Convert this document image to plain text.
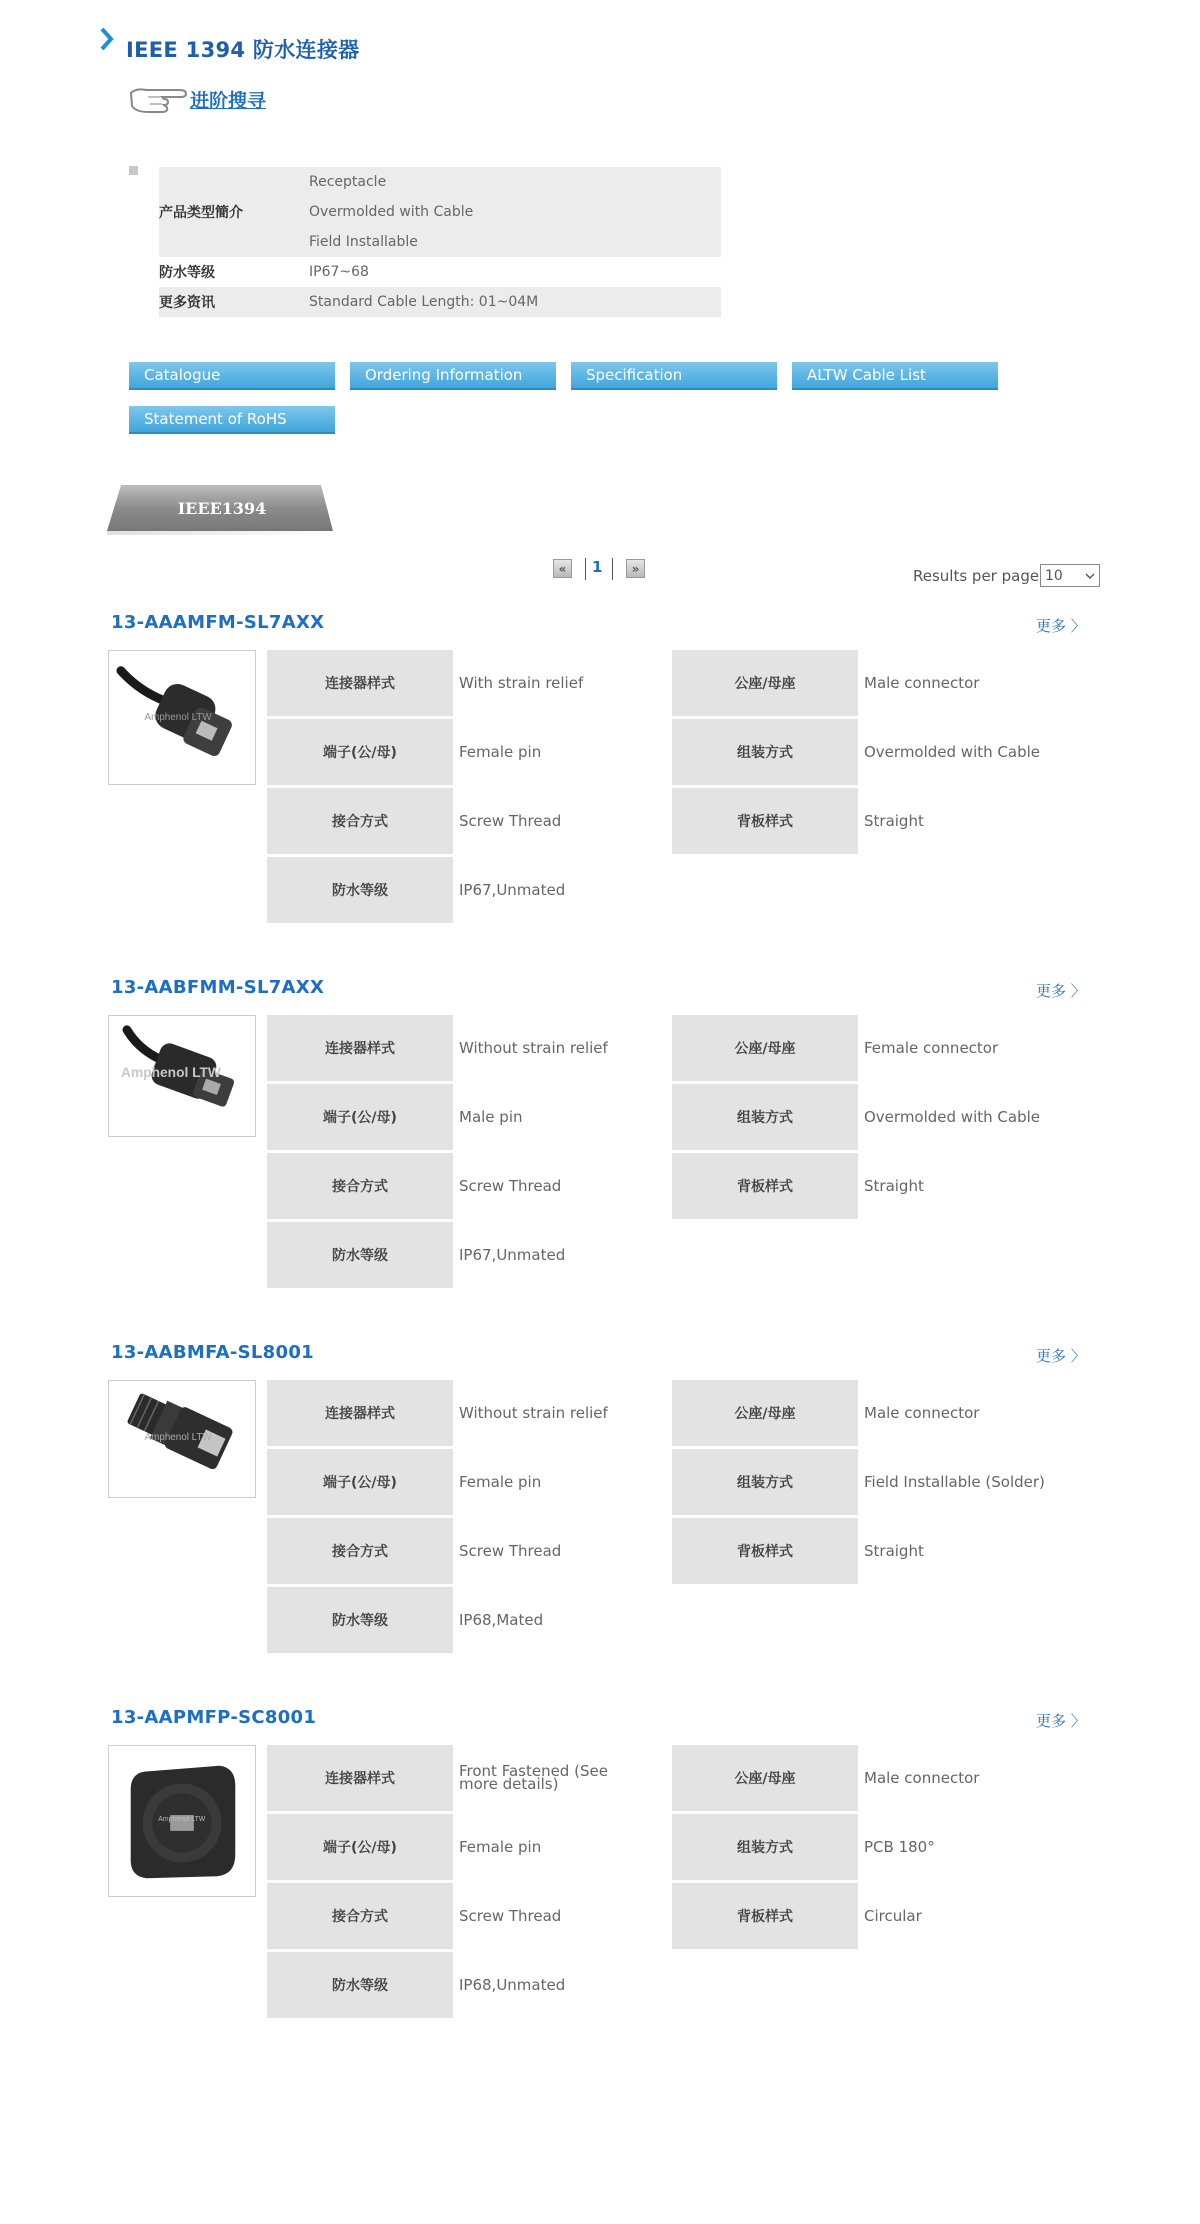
IEEE 1394 防水连接器
进阶搜寻
产品类型簡介	Receptacle
	Overmolded with Cable
	Field Installable
防水等级	IP67~68
更多资讯	Standard Cable Length: 01~04M
Catalogue	Ordering Information	Specification	ALTW Cable List
Statement of RoHS
IEEE1394
«	1	»	Results per page 10
13-AAAMFM-SL7AXX	更多 〉
Amphenol LTW
连接器样式	With strain relief	公座/母座	Male connector
端子(公/母)	Female pin	组装方式	Overmolded with Cable
接合方式	Screw Thread	背板样式	Straight
防水等级	IP67,Unmated
13-AABFMM-SL7AXX	更多 〉
Amphenol LTW
连接器样式	Without strain relief	公座/母座	Female connector
端子(公/母)	Male pin	组装方式	Overmolded with Cable
接合方式	Screw Thread	背板样式	Straight
防水等级	IP67,Unmated
13-AABMFA-SL8001	更多 〉
Amphenol LTW
连接器样式	Without strain relief	公座/母座	Male connector
端子(公/母)	Female pin	组装方式	Field Installable (Solder)
接合方式	Screw Thread	背板样式	Straight
防水等级	IP68,Mated
13-AAPMFP-SC8001	更多 〉
Amphenol LTW
连接器样式	Front Fastened (See more details)	公座/母座	Male connector
端子(公/母)	Female pin	组装方式	PCB 180°
接合方式	Screw Thread	背板样式	Circular
防水等级	IP68,Unmated
